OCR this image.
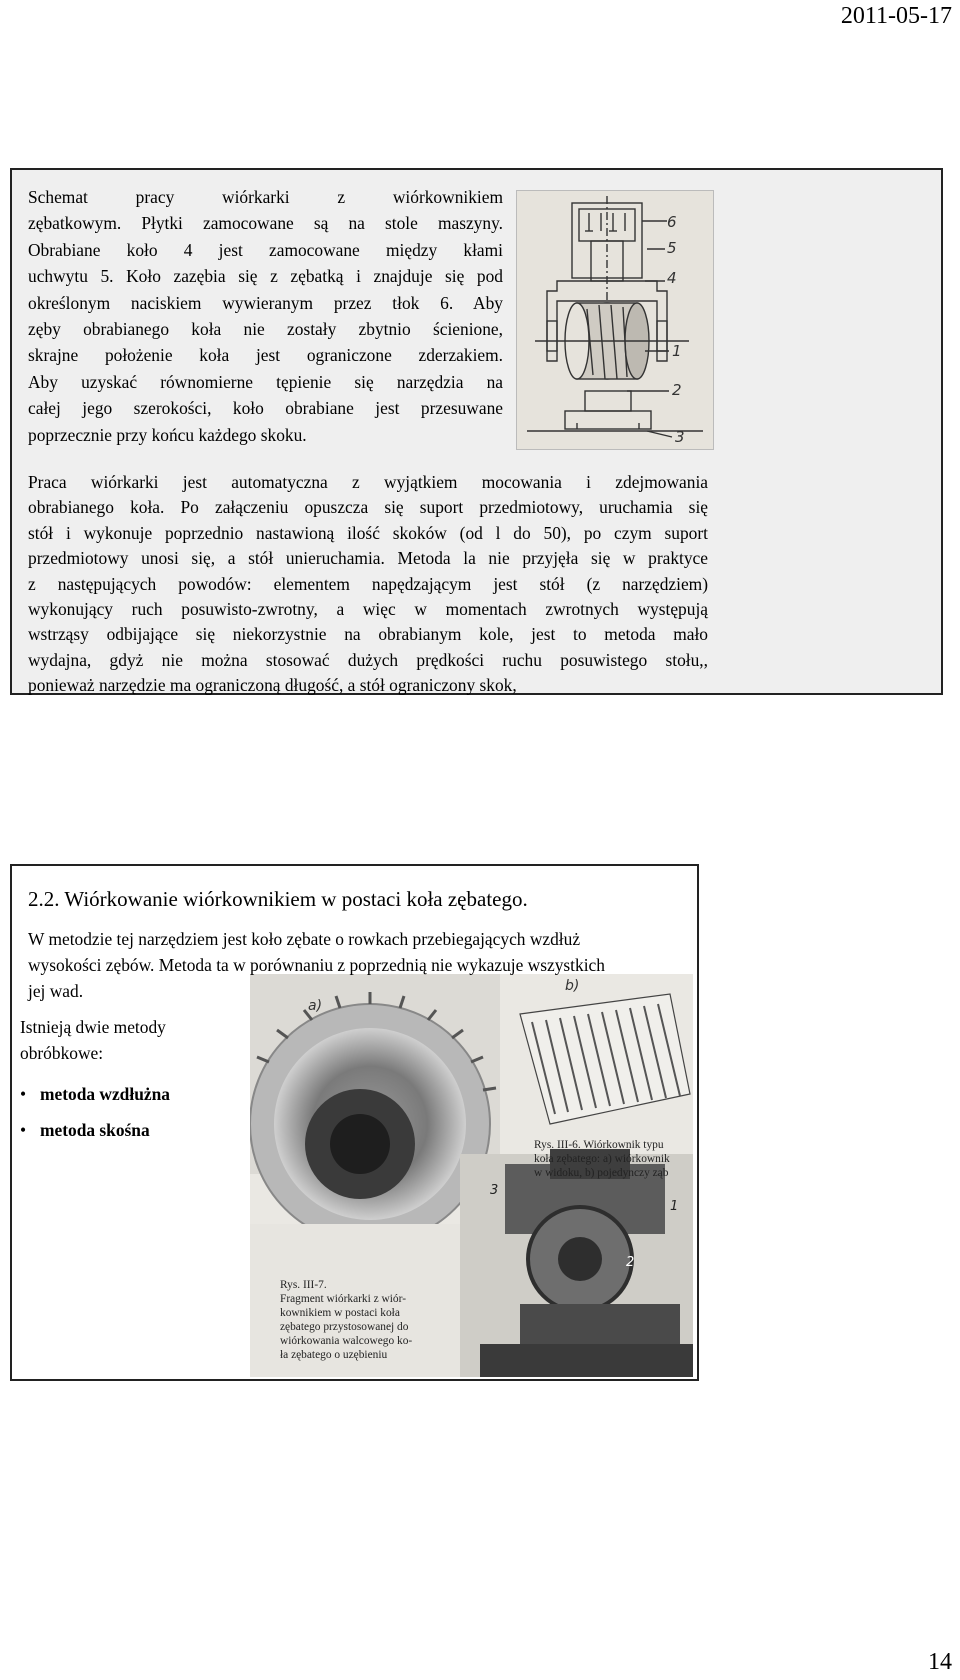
2011-05-17
Schemat pracy wiórkarki z wiórkownikiem
zębatkowym. Płytki zamocowane są na stole maszyny.
Obrabiane koło 4 jest zamocowane między kłami
uchwytu 5. Koło zazębia się z zębatką i znajduje się pod
określonym naciskiem wywieranym przez tłok 6. Aby
zęby obrabianego koła nie zostały zbytnio ścienione,
skrajne położenie koła jest ograniczone zderzakiem.
Aby uzyskać równomierne tępienie się narzędzia na
całej jego szerokości, koło obrabiane jest przesuwane
poprzecznie przy końcu każdego skoku.
6
5
4
1
2
3
Praca wiórkarki jest automatyczna z wyjątkiem mocowania i zdejmowania
obrabianego koła. Po załączeniu opuszcza się suport przedmiotowy, uruchamia się
stół i wykonuje poprzednio nastawioną ilość skoków (od l do 50), po czym suport
przedmiotowy unosi się, a stół unieruchamia. Metoda la nie przyjęła się w praktyce
z następujących powodów: elementem napędzającym jest stół (z narzędziem)
wykonujący ruch posuwisto-zwrotny, a więc w momentach zwrotnych występują
wstrząsy odbijające się niekorzystnie na obrabianym kole, jest to metoda mało
wydajna, gdyż nie można stosować dużych prędkości ruchu posuwistego stołu,,
ponieważ narzędzie ma ograniczoną długość, a stół ograniczony skok,
2.2. Wiórkowanie wiórkownikiem w postaci koła zębatego.
a)
b)
3
2
1
W metodzie tej narzędziem jest koło zębate o rowkach przebiegających wzdłuż
wysokości zębów. Metoda ta w porównaniu z poprzednią nie wykazuje wszystkich
jej wad.
Istnieją dwie metody
obróbkowe:
• metoda wzdłużna
• metoda skośna
Rys. III-6. Wiórkownik typu
koła zębatego: a) wiórkownik
w widoku, b) pojedynczy ząb
Rys. III-7.
Fragment wiórkarki z wiór-
kownikiem w postaci koła
zębatego przystosowanej do
wiórkowania walcowego ko-
ła zębatego o uzębieniu
14
